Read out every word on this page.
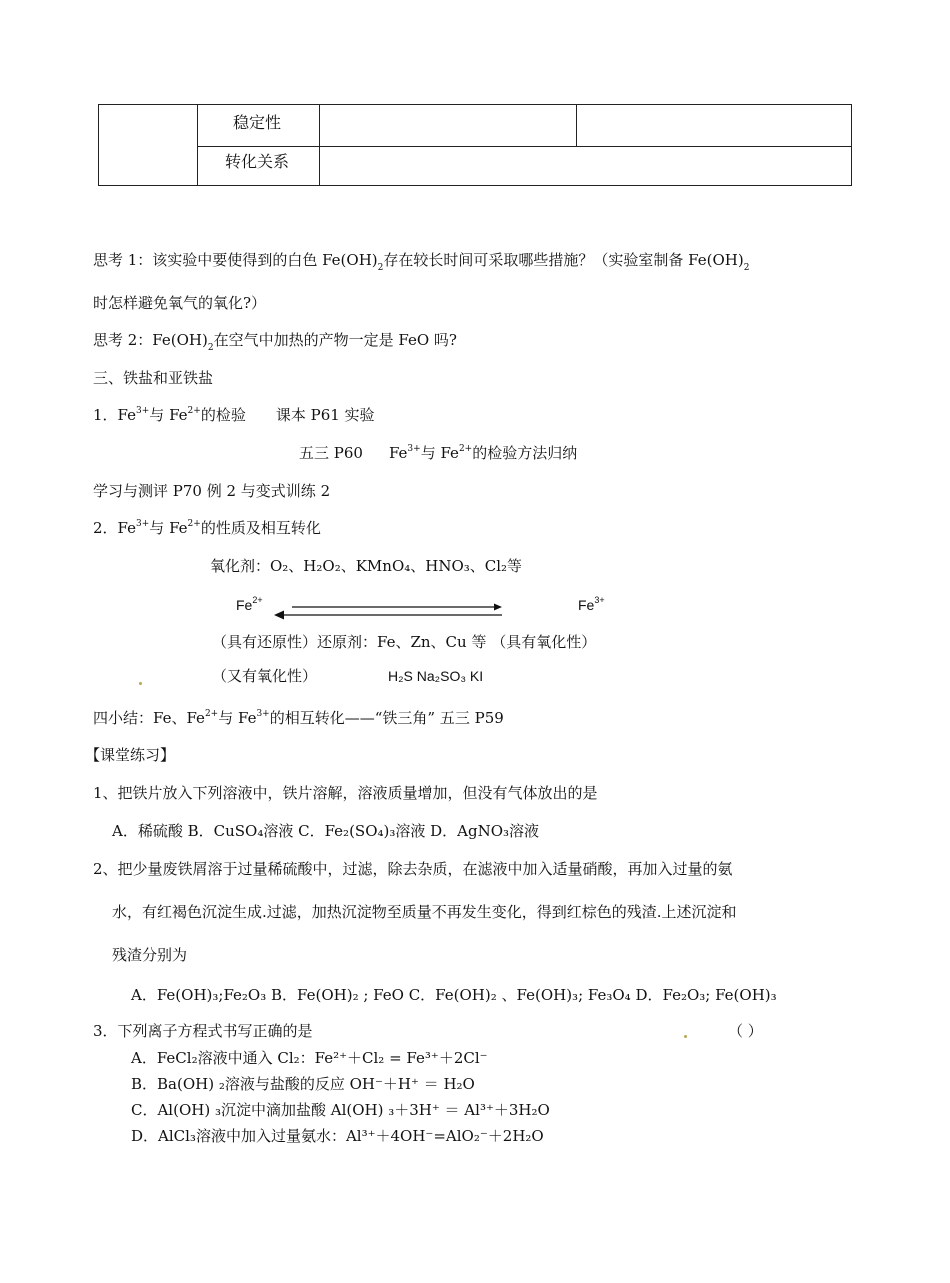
稳定性
转化关系
思考 1：该实验中要使得到的白色 $Fe(OH)_2$存在较长时间可采取哪些措施？（实验室制备 $Fe(OH)_2$
时怎样避免氧气的氧化?）
思考 2：$Fe(OH)_2$在空气中加热的产物一定是 FeO 吗?
三、铁盐和亚铁盐
1．$Fe^{3+}$与 $Fe^{2+}$的检验 课本 P61 实验
五三 P60 $Fe^{3+}$与 $Fe^{2+}$的检验方法归纳
学习与测评 P70 例 2 与变式训练 2
2．$Fe^{3+}$与 $Fe^{2+}$的性质及相互转化
氧化剂：O₂、H₂O₂、KMnO₄、HNO₃、Cl₂等
$Fe^{2+}$	$Fe^{3+}$
（具有还原性）还原剂：Fe、Zn、Cu 等 （具有氧化性）
（又有氧化性）	H₂S Na₂SO₃ KI
四小结：Fe、$Fe^{2+}$与 $Fe^{3+}$的相互转化——“铁三角” 五三 P59
【课堂练习】
1、把铁片放入下列溶液中，铁片溶解，溶液质量增加，但没有气体放出的是
A．稀硫酸 B．CuSO₄溶液 C．Fe₂(SO₄)₃溶液 D．AgNO₃溶液
2、把少量废铁屑溶于过量稀硫酸中，过滤，除去杂质，在滤液中加入适量硝酸，再加入过量的氨
水，有红褐色沉淀生成.过滤，加热沉淀物至质量不再发生变化，得到红棕色的残渣.上述沉淀和
残渣分别为
A．Fe(OH)₃;Fe₂O₃ B．Fe(OH)₂ ; FeO C．Fe(OH)₂ 、Fe(OH)₃; Fe₃O₄ D．Fe₂O₃; Fe(OH)₃
3．下列离子方程式书写正确的是	（ ）
A．FeCl₂溶液中通入 Cl₂：Fe²⁺＋Cl₂ = Fe³⁺＋2Cl⁻
B．Ba(OH) ₂溶液与盐酸的反应 OH⁻＋H⁺ ＝ H₂O
C．Al(OH) ₃沉淀中滴加盐酸 Al(OH) ₃＋3H⁺ ＝ Al³⁺＋3H₂O
D．AlCl₃溶液中加入过量氨水：Al³⁺＋4OH⁻=AlO₂⁻＋2H₂O
